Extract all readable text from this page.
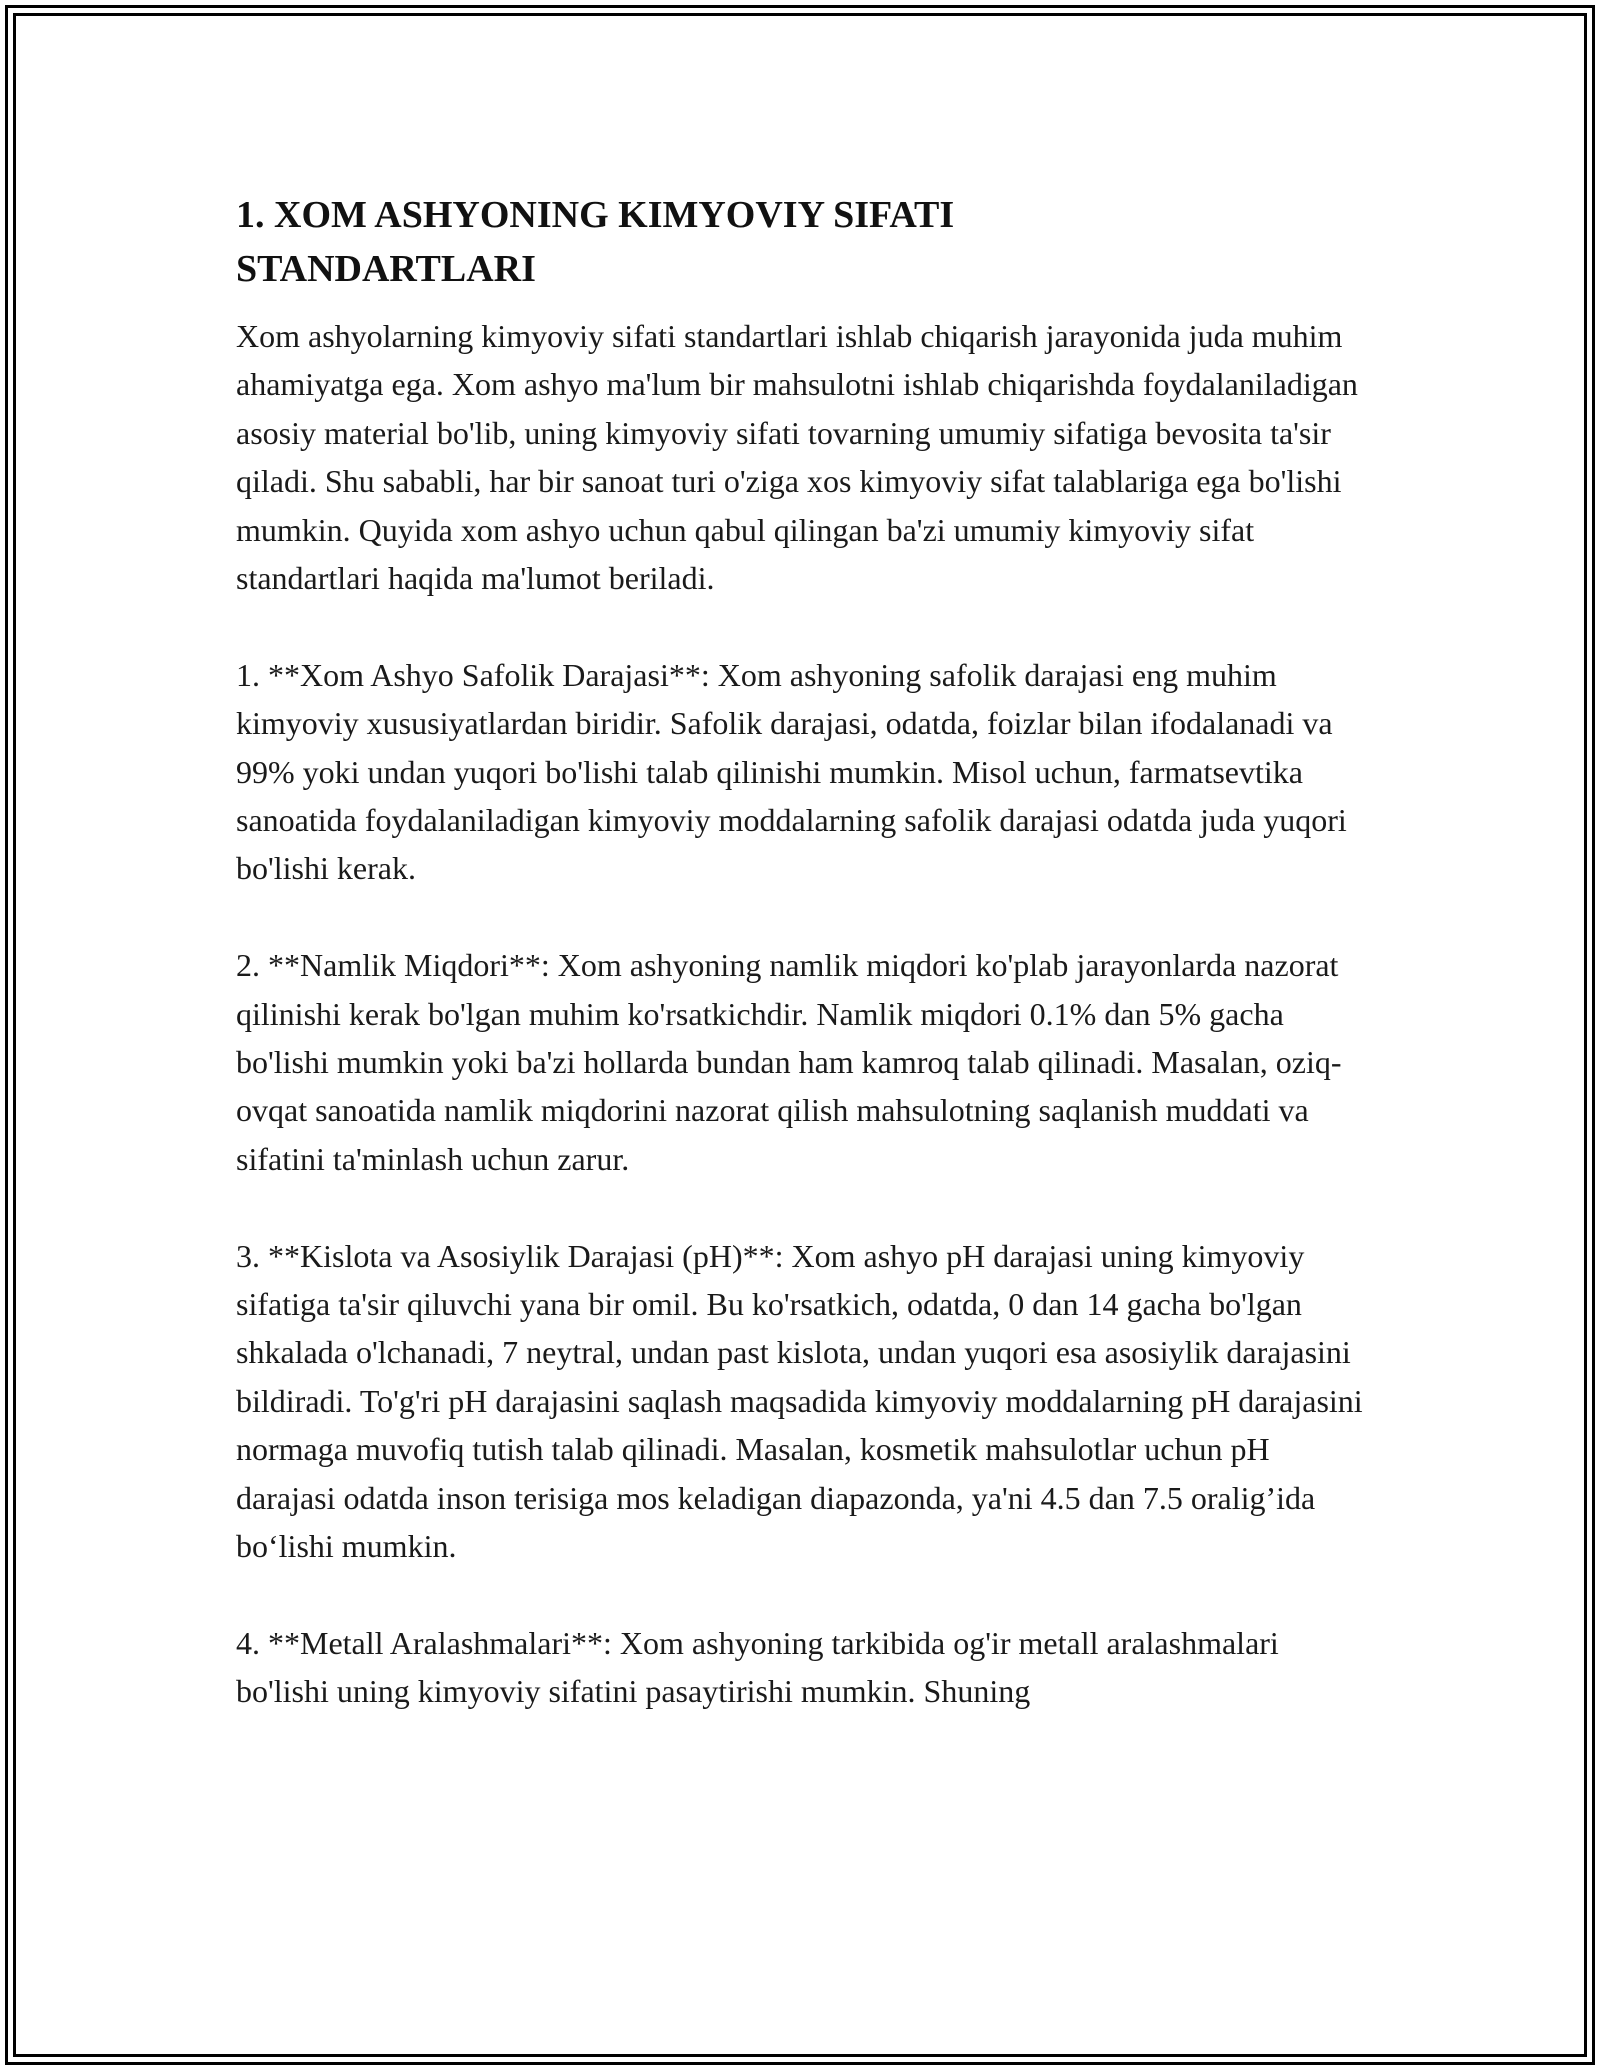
1. XOM ASHYONING KIMYOVIY SIFATI STANDARTLARI

Xom ashyolarning kimyoviy sifati standartlari ishlab chiqarish jarayonida juda muhim ahamiyatga ega. Xom ashyo ma'lum bir mahsulotni ishlab chiqarishda foydalaniladigan asosiy material bo'lib, uning kimyoviy sifati tovarning umumiy sifatiga bevosita ta'sir qiladi. Shu sababli, har bir sanoat turi o'ziga xos kimyoviy sifat talablariga ega bo'lishi mumkin. Quyida xom ashyo uchun qabul qilingan ba'zi umumiy kimyoviy sifat standartlari haqida ma'lumot beriladi.

1. **Xom Ashyo Safolik Darajasi**: Xom ashyoning safolik darajasi eng muhim kimyoviy xususiyatlardan biridir. Safolik darajasi, odatda, foizlar bilan ifodalanadi va 99% yoki undan yuqori bo'lishi talab qilinishi mumkin. Misol uchun, farmatsevtika sanoatida foydalaniladigan kimyoviy moddalarning safolik darajasi odatda juda yuqori bo'lishi kerak.

2. **Namlik Miqdori**: Xom ashyoning namlik miqdori ko'plab jarayonlarda nazorat qilinishi kerak bo'lgan muhim ko'rsatkichdir. Namlik miqdori 0.1% dan 5% gacha bo'lishi mumkin yoki ba'zi hollarda bundan ham kamroq talab qilinadi. Masalan, oziq-ovqat sanoatida namlik miqdorini nazorat qilish mahsulotning saqlanish muddati va sifatini ta'minlash uchun zarur.

3. **Kislota va Asosiylik Darajasi (pH)**: Xom ashyo pH darajasi uning kimyoviy sifatiga ta'sir qiluvchi yana bir omil. Bu ko'rsatkich, odatda, 0 dan 14 gacha bo'lgan shkalada o'lchanadi, 7 neytral, undan past kislota, undan yuqori esa asosiylik darajasini bildiradi. To'g'ri pH darajasini saqlash maqsadida kimyoviy moddalarning pH darajasini normaga muvofiq tutish talab qilinadi. Masalan, kosmetik mahsulotlar uchun pH darajasi odatda inson terisiga mos keladigan diapazonda, ya'ni 4.5 dan 7.5 oralig’ida bo‘lishi mumkin.

4. **Metall Aralashmalari**: Xom ashyoning tarkibida og'ir metall aralashmalari bo'lishi uning kimyoviy sifatini pasaytirishi mumkin. Shuning
